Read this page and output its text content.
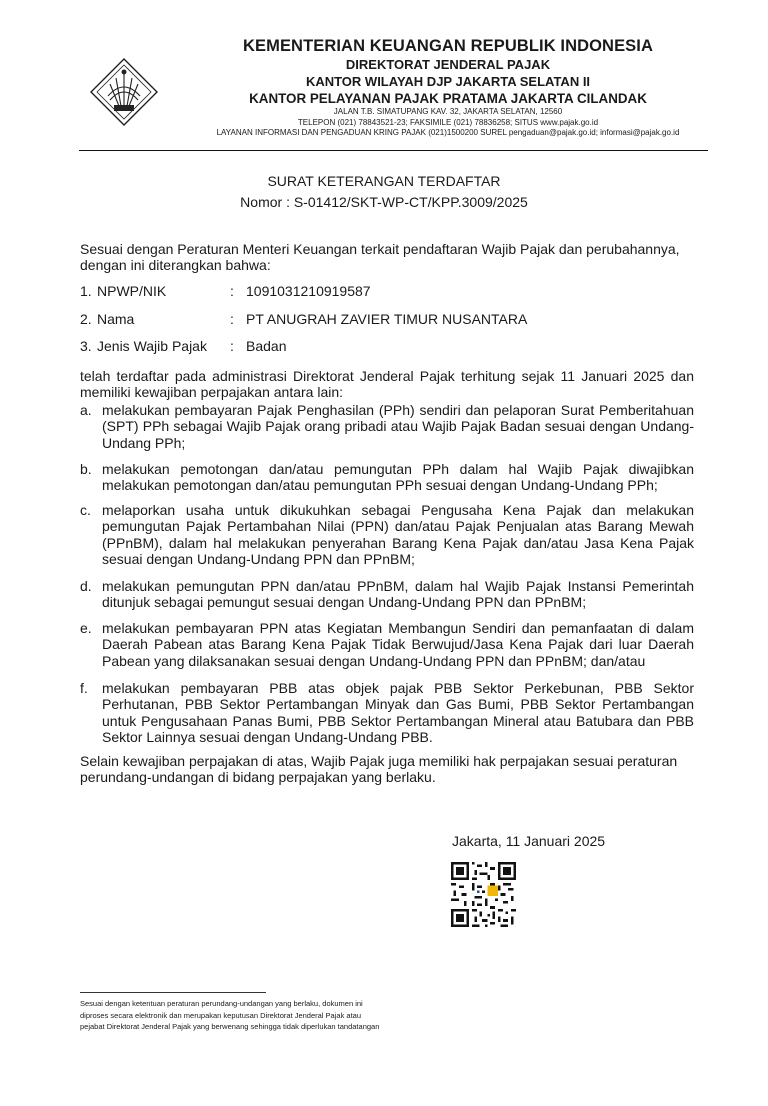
KEMENTERIAN KEUANGAN REPUBLIK INDONESIA
DIREKTORAT JENDERAL PAJAK
KANTOR WILAYAH DJP JAKARTA SELATAN II
KANTOR PELAYANAN PAJAK PRATAMA JAKARTA CILANDAK
JALAN T.B. SIMATUPANG KAV. 32, JAKARTA SELATAN, 12560
TELEPON (021) 78843521-23; FAKSIMILE (021) 78836258; SITUS www.pajak.go.id
LAYANAN INFORMASI DAN PENGADUAN KRING PAJAK (021)1500200 SUREL pengaduan@pajak.go.id; informasi@pajak.go.id
SURAT KETERANGAN TERDAFTAR
Nomor : S-01412/SKT-WP-CT/KPP.3009/2025
Sesuai dengan Peraturan Menteri Keuangan terkait pendaftaran Wajib Pajak dan perubahannya, dengan ini diterangkan bahwa:
1. NPWP/NIK	: 1091031210919587
2. Nama	: PT ANUGRAH ZAVIER TIMUR NUSANTARA
3. Jenis Wajib Pajak : Badan
telah terdaftar pada administrasi Direktorat Jenderal Pajak terhitung sejak 11 Januari 2025 dan memiliki kewajiban perpajakan antara lain:
a. melakukan pembayaran Pajak Penghasilan (PPh) sendiri dan pelaporan Surat Pemberitahuan (SPT) PPh sebagai Wajib Pajak orang pribadi atau Wajib Pajak Badan sesuai dengan Undang-Undang PPh;
b. melakukan pemotongan dan/atau pemungutan PPh dalam hal Wajib Pajak diwajibkan melakukan pemotongan dan/atau pemungutan PPh sesuai dengan Undang-Undang PPh;
c. melaporkan usaha untuk dikukuhkan sebagai Pengusaha Kena Pajak dan melakukan pemungutan Pajak Pertambahan Nilai (PPN) dan/atau Pajak Penjualan atas Barang Mewah (PPnBM), dalam hal melakukan penyerahan Barang Kena Pajak dan/atau Jasa Kena Pajak sesuai dengan Undang-Undang PPN dan PPnBM;
d. melakukan pemungutan PPN dan/atau PPnBM, dalam hal Wajib Pajak Instansi Pemerintah ditunjuk sebagai pemungut sesuai dengan Undang-Undang PPN dan PPnBM;
e. melakukan pembayaran PPN atas Kegiatan Membangun Sendiri dan pemanfaatan di dalam Daerah Pabean atas Barang Kena Pajak Tidak Berwujud/Jasa Kena Pajak dari luar Daerah Pabean yang dilaksanakan sesuai dengan Undang-Undang PPN dan PPnBM; dan/atau
f. melakukan pembayaran PBB atas objek pajak PBB Sektor Perkebunan, PBB Sektor Perhutanan, PBB Sektor Pertambangan Minyak dan Gas Bumi, PBB Sektor Pertambangan untuk Pengusahaan Panas Bumi, PBB Sektor Pertambangan Mineral atau Batubara dan PBB Sektor Lainnya sesuai dengan Undang-Undang PBB.
Selain kewajiban perpajakan di atas, Wajib Pajak juga memiliki hak perpajakan sesuai peraturan perundang-undangan di bidang perpajakan yang berlaku.
Jakarta, 11 Januari 2025
Sesuai dengan ketentuan peraturan perundang-undangan yang berlaku, dokumen ini
diproses secara elektronik dan merupakan keputusan Direktorat Jenderal Pajak atau
pejabat Direktorat Jenderal Pajak yang berwenang sehingga tidak diperlukan tandatangan
